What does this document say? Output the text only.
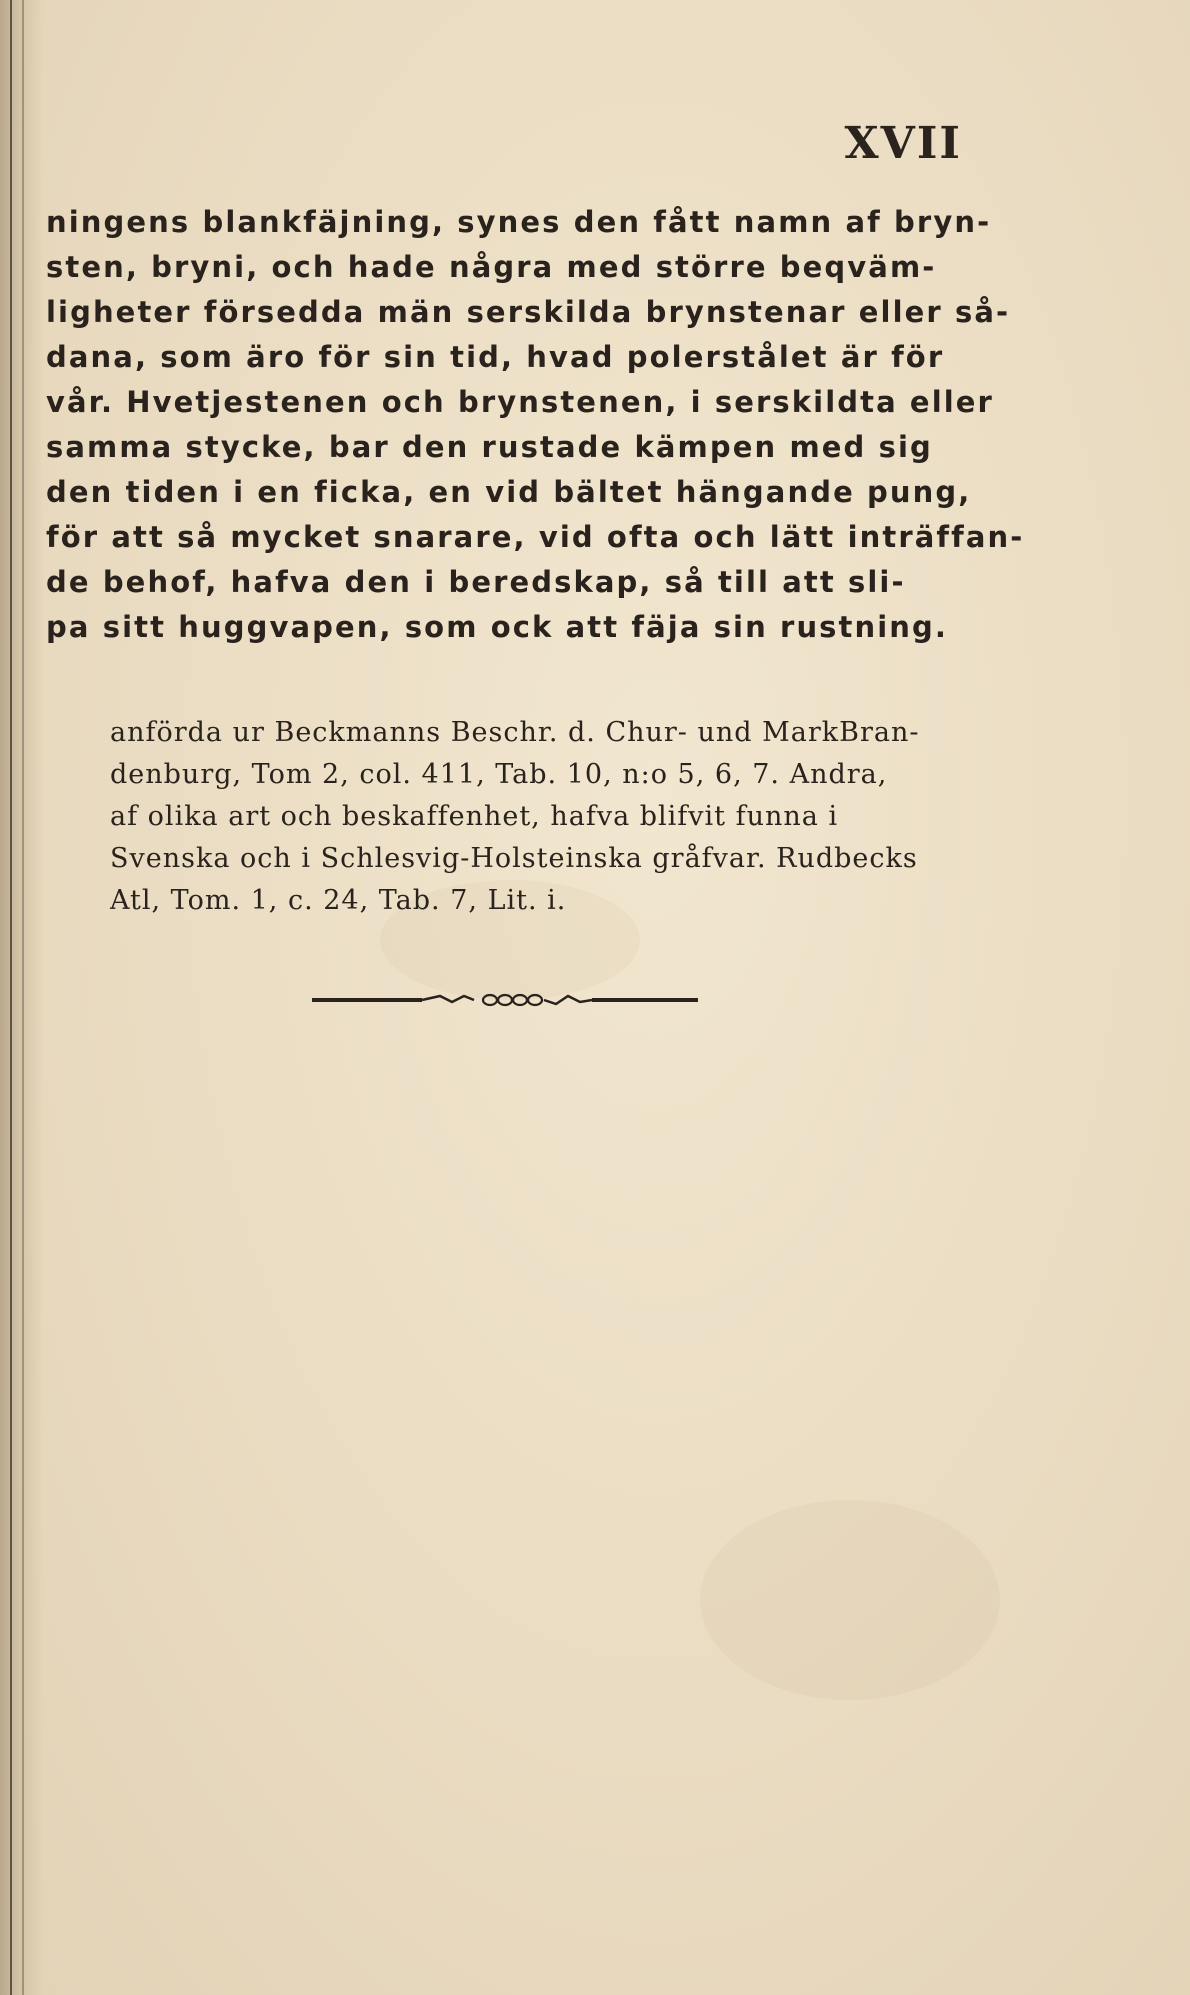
XVII
ningens blankfäjning, synes den fått namn af bryn-
sten, bryni, och hade några med större beqväm-
ligheter försedda män serskilda brynstenar eller så-
dana, som äro för sin tid, hvad polerstålet är för
vår. Hvetjestenen och brynstenen, i serskildta eller
samma stycke, bar den rustade kämpen med sig
den tiden i en ficka, en vid bältet hängande pung,
för att så mycket snarare, vid ofta och lätt inträffan-
de behof, hafva den i beredskap, så till att sli-
pa sitt huggvapen, som ock att fäja sin rustning.
anförda ur Beckmanns Beschr. d. Chur- und MarkBran-
denburg, Tom 2, col. 411, Tab. 10, n:o 5, 6, 7. Andra,
af olika art och beskaffenhet, hafva blifvit funna i
Svenska och i Schlesvig-Holsteinska gråfvar. Rudbecks
Atl, Tom. 1, c. 24, Tab. 7, Lit. i.
